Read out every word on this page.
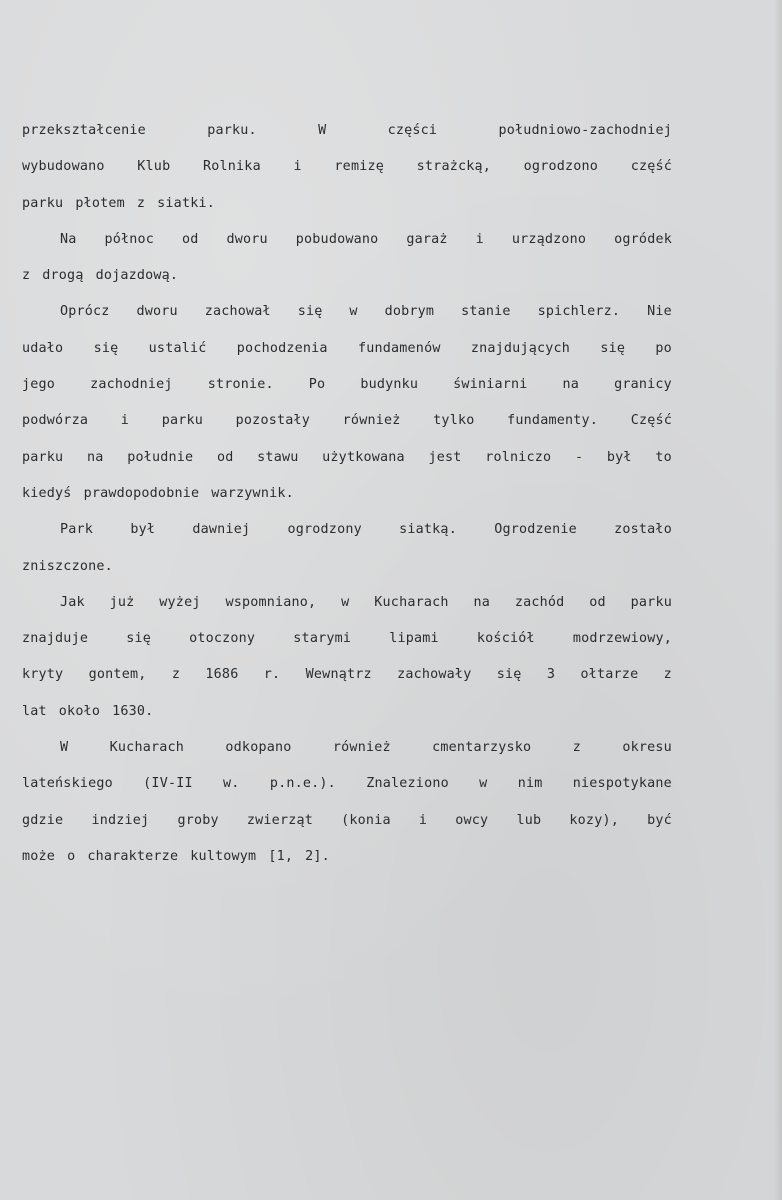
przekształcenie	parku.	W	części	południowo-zachodniej
wybudowano Klub Rolnika i remizę strażcką, ogrodzono część
parku płotem z siatki.
Na północ od dworu pobudowano garaż i urządzono ogródek
z drogą dojazdową.
Oprócz dworu zachował się w dobrym stanie spichlerz. Nie
udało się ustalić pochodzenia fundamenów znajdujących się po
jego	zachodniej	stronie.	Po	budynku	świniarni	na	granicy
podwórza i parku pozostały również tylko fundamenty. Część
parku na południe od stawu użytkowana jest rolniczo - był to
kiedyś prawdopodobnie warzywnik.
Park	był	dawniej	ogrodzony	siatką.	Ogrodzenie	zostało
zniszczone.
Jak już wyżej wspomniano, w Kucharach na zachód od parku
znajduje	się	otoczony	starymi	lipami	kościół	modrzewiowy,
kryty gontem, z 1686 r. Wewnątrz zachowały się 3 ołtarze z
lat około 1630.
W	Kucharach	odkopano	również	cmentarzysko	z	okresu
lateńskiego (IV-II w. p.n.e.). Znaleziono w nim niespotykane
gdzie indziej groby zwierząt (konia i owcy lub kozy), być
może o charakterze kultowym [1, 2].
